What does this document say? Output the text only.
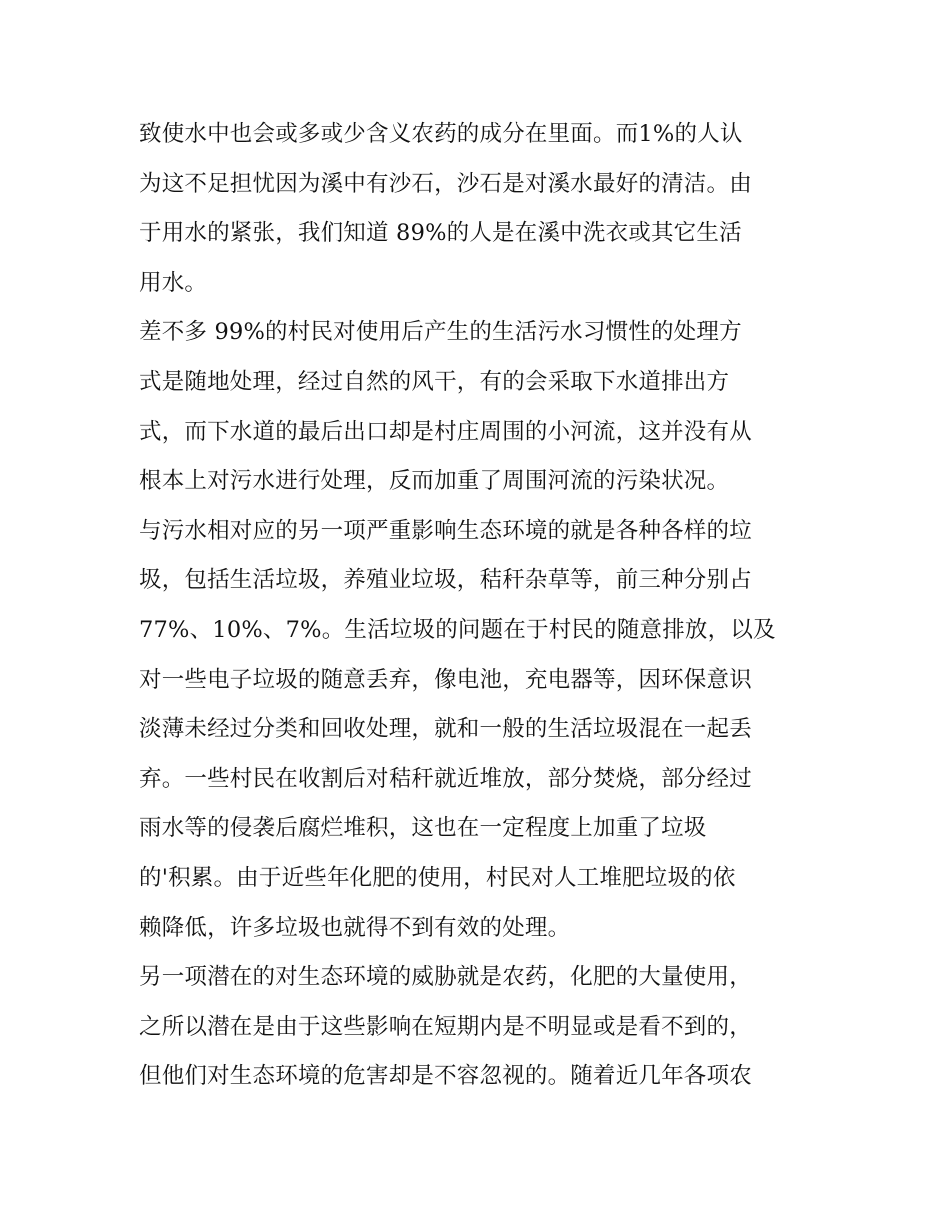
致使水中也会或多或少含义农药的成分在里面。而1%的人认
为这不足担忧因为溪中有沙石，沙石是对溪水最好的清洁。由
于用水的紧张，我们知道 89%的人是在溪中洗衣或其它生活
用水。
差不多 99%的村民对使用后产生的生活污水习惯性的处理方
式是随地处理，经过自然的风干，有的会采取下水道排出方
式，而下水道的最后出口却是村庄周围的小河流，这并没有从
根本上对污水进行处理，反而加重了周围河流的污染状况。
与污水相对应的另一项严重影响生态环境的就是各种各样的垃
圾，包括生活垃圾，养殖业垃圾，秸秆杂草等，前三种分别占
77%、10%、7%。生活垃圾的问题在于村民的随意排放，以及
对一些电子垃圾的随意丢弃，像电池，充电器等，因环保意识
淡薄未经过分类和回收处理，就和一般的生活垃圾混在一起丢
弃。一些村民在收割后对秸秆就近堆放，部分焚烧，部分经过
雨水等的侵袭后腐烂堆积，这也在一定程度上加重了垃圾
的'积累。由于近些年化肥的使用，村民对人工堆肥垃圾的依
赖降低，许多垃圾也就得不到有效的处理。
另一项潜在的对生态环境的威胁就是农药，化肥的大量使用，
之所以潜在是由于这些影响在短期内是不明显或是看不到的，
但他们对生态环境的危害却是不容忽视的。随着近几年各项农
